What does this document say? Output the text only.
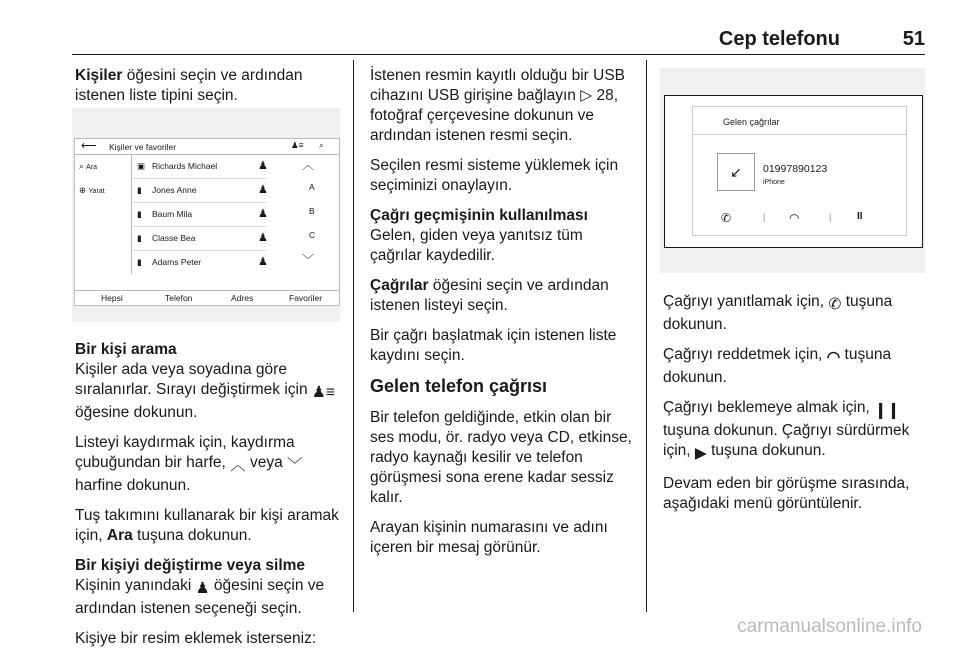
Cep telefonu	51

Kişiler öğesini seçin ve ardından istenen liste tipini seçin.

⟵ Kişiler ve favoriler	♟≡ ⌕
⌕ Ara
⊕ Yarat
▣ Richards Michael	♟
▮ Jones Anne	♟
▮ Baum Mila	♟
▮ Classe Bea	♟
▮ Adams Peter	♟
︿
A
B
C
﹀
Hepsi	Telefon	Adres	Favoriler

Bir kişi arama

Kişiler ada veya soyadına göre sıralanırlar. Sırayı değiştirmek için ♟≡ öğesine dokunun.

Listeyi kaydırmak için, kaydırma çubuğundan bir harfe, ︿ veya ﹀ harfine dokunun.

Tuş takımını kullanarak bir kişi aramak için, Ara tuşuna dokunun.

Bir kişiyi değiştirme veya silme

Kişinin yanındaki ♟ öğesini seçin ve ardından istenen seçeneği seçin.

Kişiye bir resim eklemek isterseniz:

İstenen resmin kayıtlı olduğu bir USB cihazını USB girişine bağlayın ▷ 28, fotoğraf çerçevesine dokunun ve ardından istenen resmi seçin.

Seçilen resmi sisteme yüklemek için seçiminizi onaylayın.

Çağrı geçmişinin kullanılması

Gelen, giden veya yanıtsız tüm çağrılar kaydedilir.

Çağrılar öğesini seçin ve ardından istenen listeyi seçin.

Bir çağrı başlatmak için istenen liste kaydını seçin.

Gelen telefon çağrısı

Bir telefon geldiğinde, etkin olan bir ses modu, ör. radyo veya CD, etkinse, radyo kaynağı kesilir ve telefon görüşmesi sona erene kadar sessiz kalır.

Arayan kişinin numarasını ve adını içeren bir mesaj görünür.

Gelen çağrılar
↙	01997890123
iPhone
✆	| ◠	|	II

Çağrıyı yanıtlamak için, ✆ tuşuna dokunun.

Çağrıyı reddetmek için, ◠ tuşuna dokunun.

Çağrıyı beklemeye almak için, ❙❙ tuşuna dokunun. Çağrıyı sürdürmek için, ▶ tuşuna dokunun.

Devam eden bir görüşme sırasında, aşağıdaki menü görüntülenir.

carmanualsonline.info
